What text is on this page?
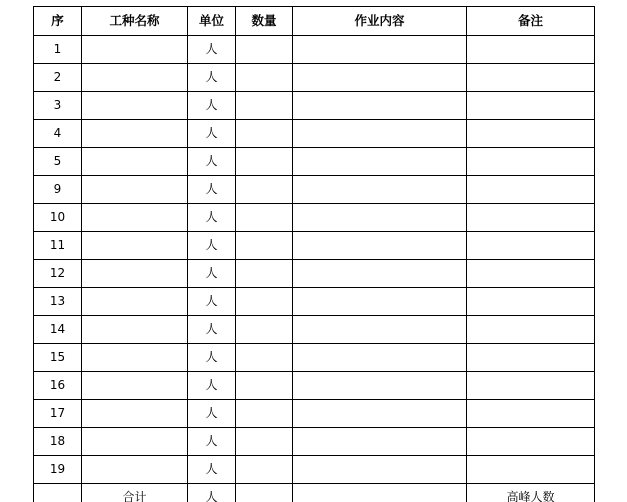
序	工种名称	单位	数量	作业内容	备注
1		人			
2		人			
3		人			
4		人			
5		人			
9		人			
10		人			
11		人			
12		人			
13		人			
14		人			
15		人			
16		人			
17		人			
18		人			
19		人			
	合计	人			高峰人数
